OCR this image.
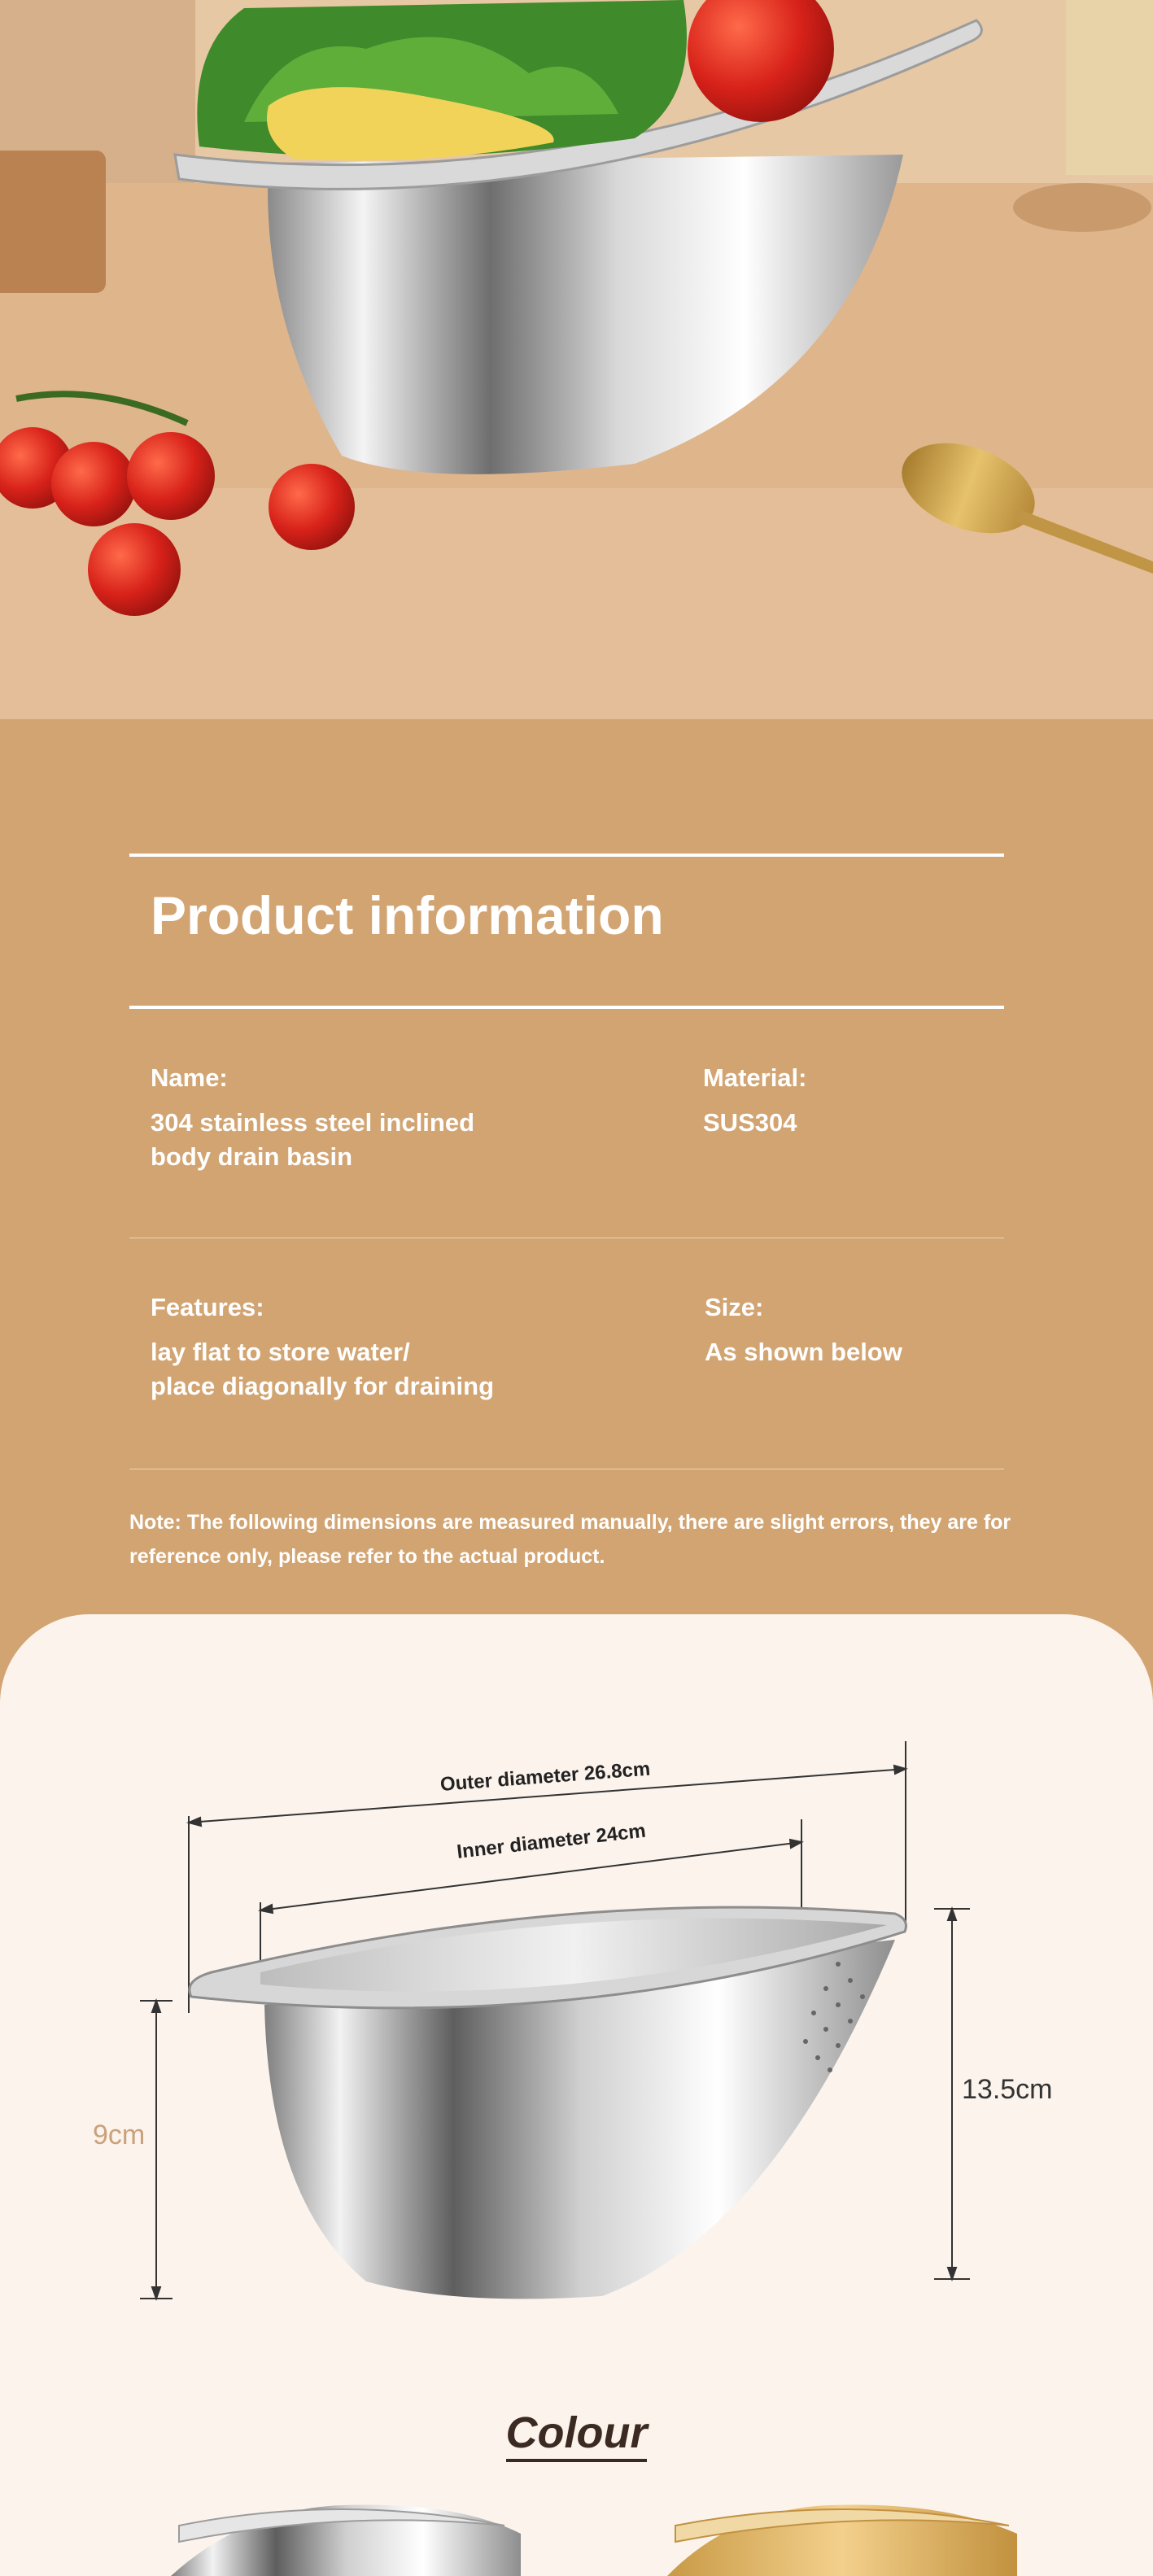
Product information
Name:
304 stainless steel inclined
body drain basin
Material:
SUS304
Features:
lay flat to store water/
place diagonally for draining
Size:
As shown below
Note: The following dimensions are measured manually, there are slight errors, they are for reference only, please refer to the actual product.
Outer diameter 26.8cm
Inner diameter 24cm
13.5cm
9cm
Colour
